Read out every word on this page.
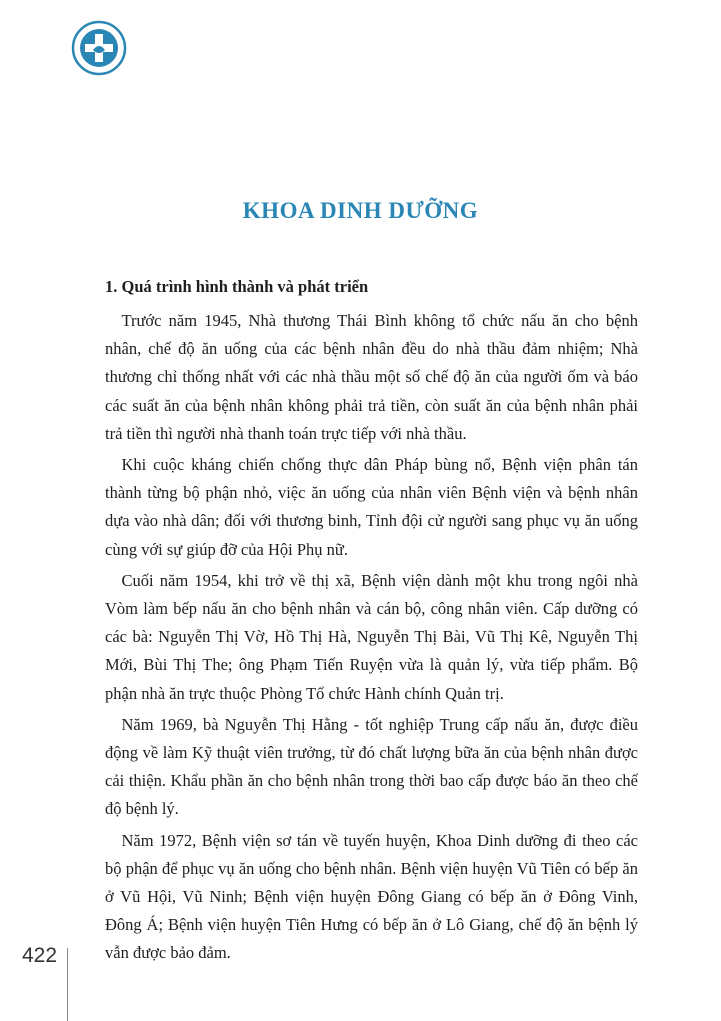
KHOA DINH DƯỠNG
1. Quá trình hình thành và phát triển

Trước năm 1945, Nhà thương Thái Bình không tổ chức nấu ăn cho bệnh nhân, chế độ ăn uống của các bệnh nhân đều do nhà thầu đảm nhiệm; Nhà thương chỉ thống nhất với các nhà thầu một số chế độ ăn của người ốm và báo các suất ăn của bệnh nhân không phải trả tiền, còn suất ăn của bệnh nhân phải trả tiền thì người nhà thanh toán trực tiếp với nhà thầu.

Khi cuộc kháng chiến chống thực dân Pháp bùng nổ, Bệnh viện phân tán thành từng bộ phận nhỏ, việc ăn uống của nhân viên Bệnh viện và bệnh nhân dựa vào nhà dân; đối với thương binh, Tỉnh đội cử người sang phục vụ ăn uống cùng với sự giúp đỡ của Hội Phụ nữ.

Cuối năm 1954, khi trở về thị xã, Bệnh viện dành một khu trong ngôi nhà Vòm làm bếp nấu ăn cho bệnh nhân và cán bộ, công nhân viên. Cấp dưỡng có các bà: Nguyễn Thị Vờ, Hồ Thị Hà, Nguyễn Thị Bài, Vũ Thị Kê, Nguyễn Thị Mới, Bùi Thị The; ông Phạm Tiến Ruyện vừa là quản lý, vừa tiếp phẩm. Bộ phận nhà ăn trực thuộc Phòng Tổ chức Hành chính Quản trị.

Năm 1969, bà Nguyễn Thị Hằng - tốt nghiệp Trung cấp nấu ăn, được điều động về làm Kỹ thuật viên trưởng, từ đó chất lượng bữa ăn của bệnh nhân được cải thiện. Khẩu phần ăn cho bệnh nhân trong thời bao cấp được báo ăn theo chế độ bệnh lý.

Năm 1972, Bệnh viện sơ tán về tuyến huyện, Khoa Dinh dưỡng đi theo các bộ phận để phục vụ ăn uống cho bệnh nhân. Bệnh viện huyện Vũ Tiên có bếp ăn ở Vũ Hội, Vũ Ninh; Bệnh viện huyện Đông Giang có bếp ăn ở Đông Vinh, Đông Á; Bệnh viện huyện Tiên Hưng có bếp ăn ở Lô Giang, chế độ ăn bệnh lý vẫn được bảo đảm.

422
